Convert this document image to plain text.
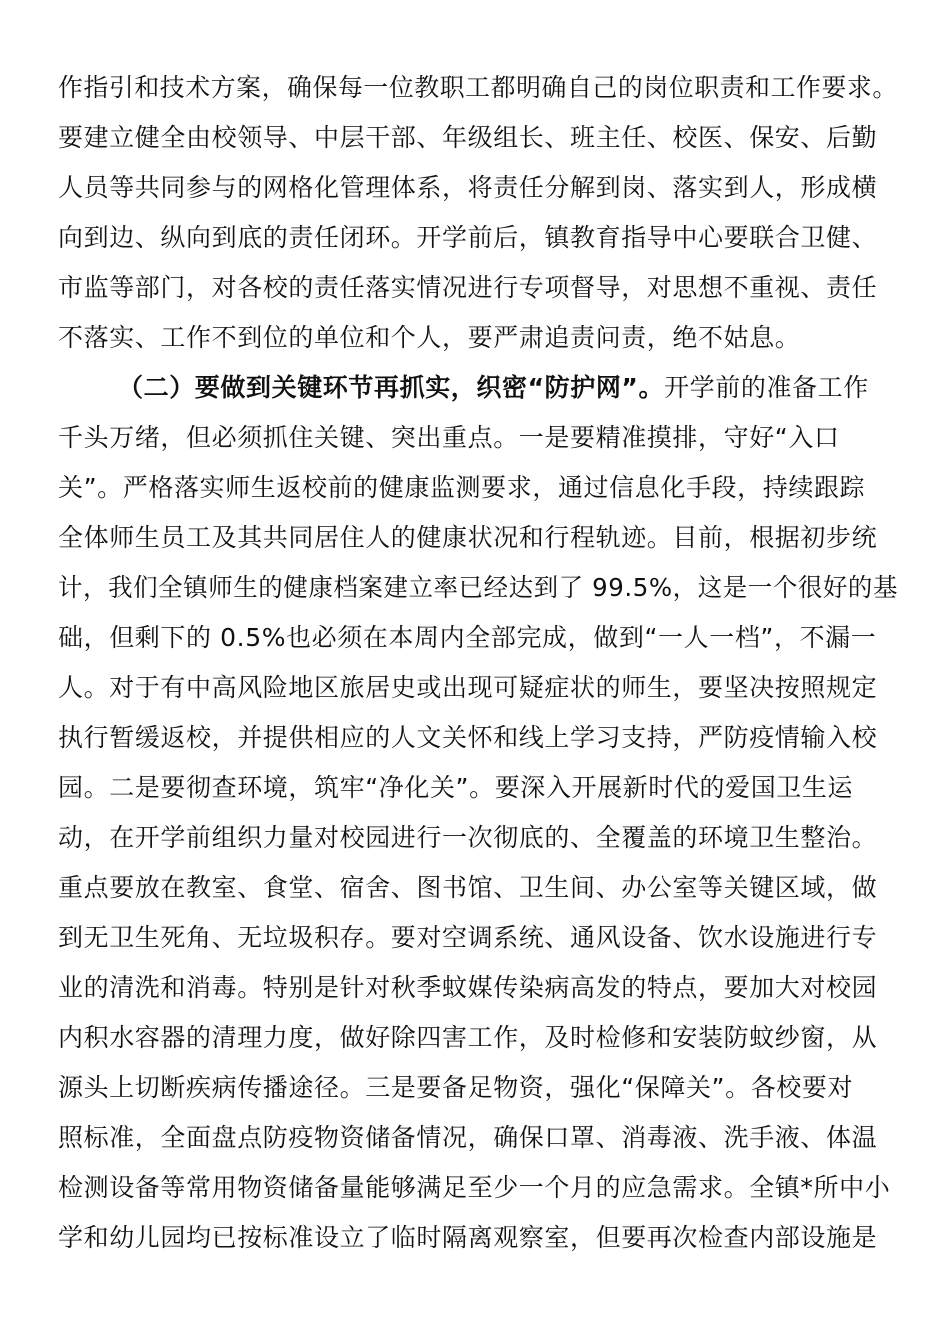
作指引和技术方案，确保每一位教职工都明确自己的岗位职责和工作要求。
要建立健全由校领导、中层干部、年级组长、班主任、校医、保安、后勤
人员等共同参与的网格化管理体系，将责任分解到岗、落实到人，形成横
向到边、纵向到底的责任闭环。开学前后，镇教育指导中心要联合卫健、
市监等部门，对各校的责任落实情况进行专项督导，对思想不重视、责任
不落实、工作不到位的单位和个人，要严肃追责问责，绝不姑息。
（二）要做到关键环节再抓实，织密“防护网”。开学前的准备工作
千头万绪，但必须抓住关键、突出重点。一是要精准摸排，守好“入口
关”。严格落实师生返校前的健康监测要求，通过信息化手段，持续跟踪
全体师生员工及其共同居住人的健康状况和行程轨迹。目前，根据初步统
计，我们全镇师生的健康档案建立率已经达到了 99.5%，这是一个很好的基
础，但剩下的 0.5%也必须在本周内全部完成，做到“一人一档”，不漏一
人。对于有中高风险地区旅居史或出现可疑症状的师生，要坚决按照规定
执行暂缓返校，并提供相应的人文关怀和线上学习支持，严防疫情输入校
园。二是要彻查环境，筑牢“净化关”。要深入开展新时代的爱国卫生运
动，在开学前组织力量对校园进行一次彻底的、全覆盖的环境卫生整治。
重点要放在教室、食堂、宿舍、图书馆、卫生间、办公室等关键区域，做
到无卫生死角、无垃圾积存。要对空调系统、通风设备、饮水设施进行专
业的清洗和消毒。特别是针对秋季蚊媒传染病高发的特点，要加大对校园
内积水容器的清理力度，做好除四害工作，及时检修和安装防蚊纱窗，从
源头上切断疾病传播途径。三是要备足物资，强化“保障关”。各校要对
照标准，全面盘点防疫物资储备情况，确保口罩、消毒液、洗手液、体温
检测设备等常用物资储备量能够满足至少一个月的应急需求。全镇*所中小
学和幼儿园均已按标准设立了临时隔离观察室，但要再次检查内部设施是
